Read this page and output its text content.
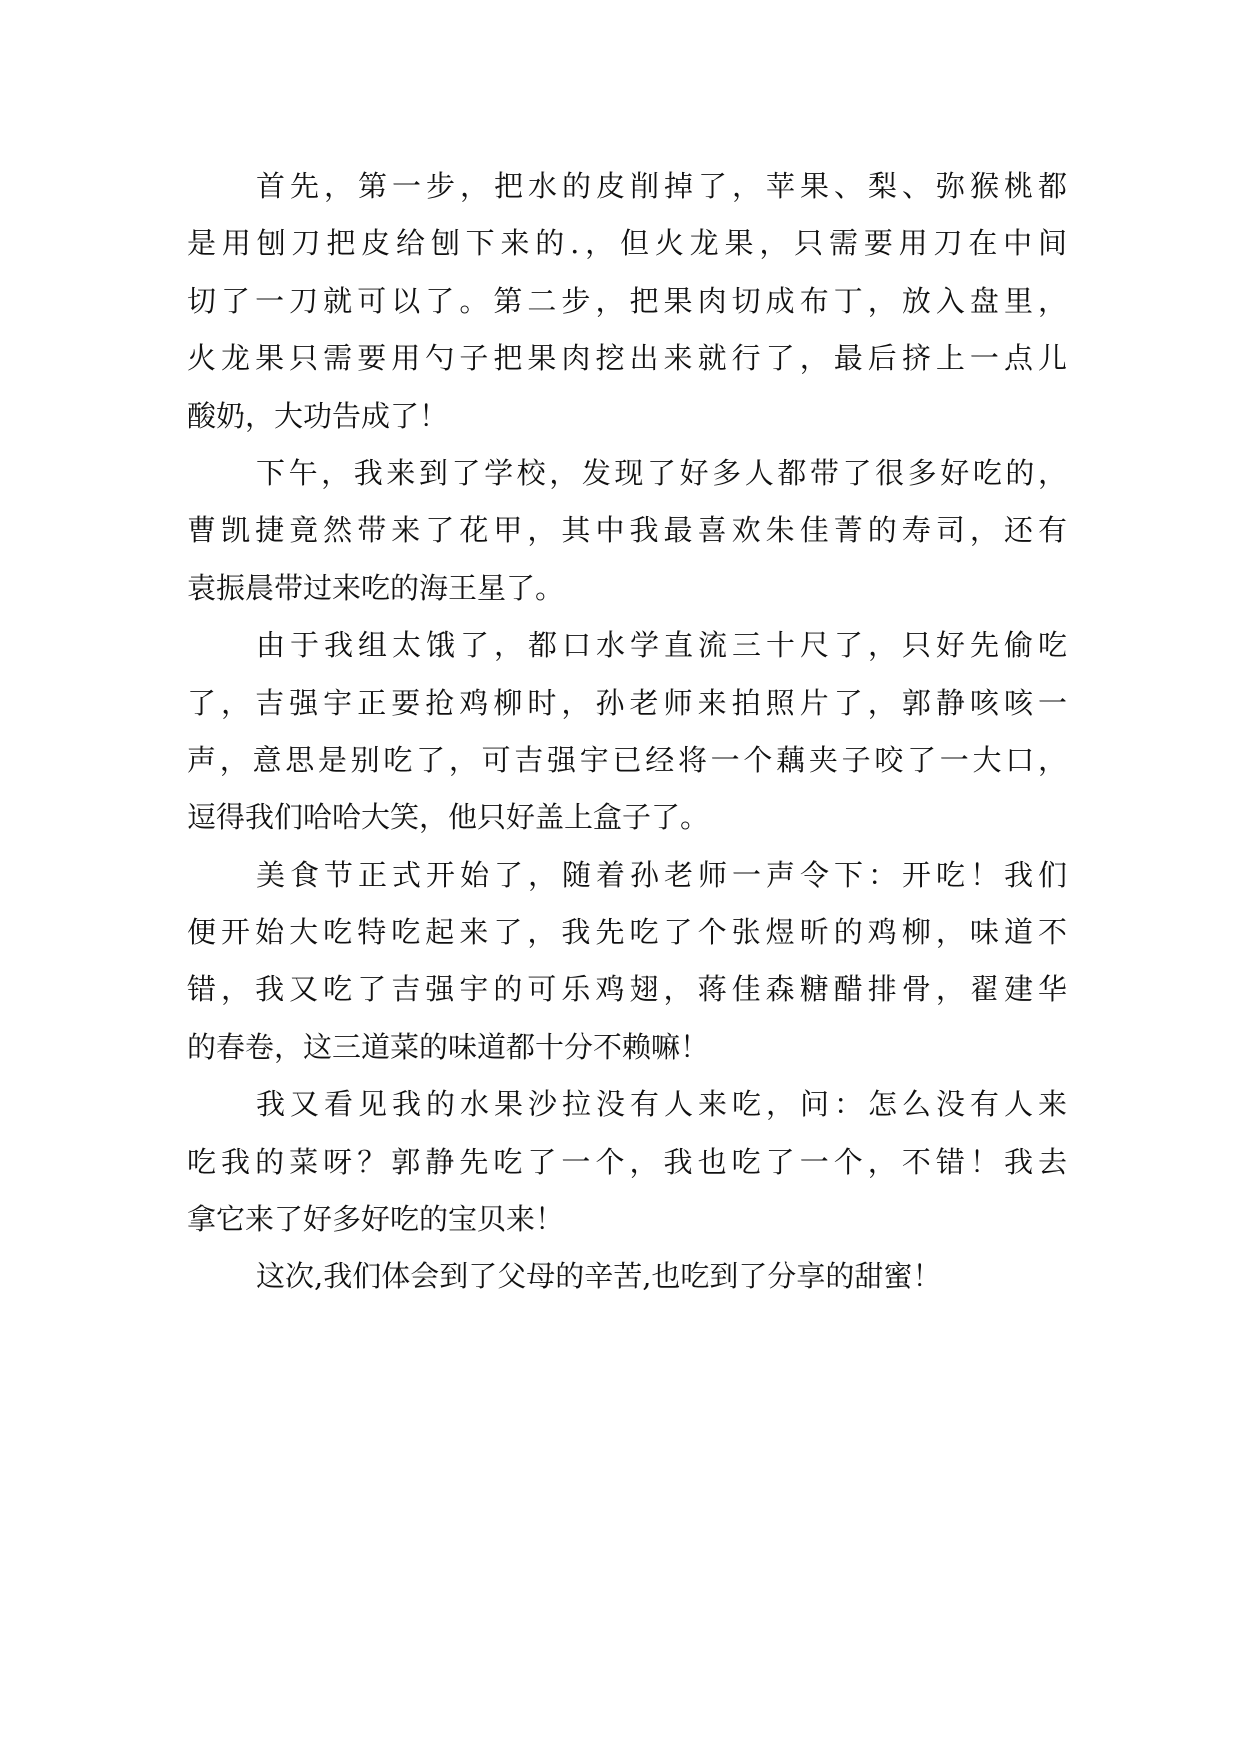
首先，第一步，把水的皮削掉了，苹果、梨、弥猴桃都
是用刨刀把皮给刨下来的.，但火龙果，只需要用刀在中间
切了一刀就可以了。第二步，把果肉切成布丁，放入盘里，
火龙果只需要用勺子把果肉挖出来就行了，最后挤上一点儿
酸奶，大功告成了！
下午，我来到了学校，发现了好多人都带了很多好吃的，
曹凯捷竟然带来了花甲，其中我最喜欢朱佳菁的寿司，还有
袁振晨带过来吃的海王星了。
由于我组太饿了，都口水学直流三十尺了，只好先偷吃
了，吉强宇正要抢鸡柳时，孙老师来拍照片了，郭静咳咳一
声，意思是别吃了，可吉强宇已经将一个藕夹子咬了一大口，
逗得我们哈哈大笑，他只好盖上盒子了。
美食节正式开始了，随着孙老师一声令下：开吃！我们
便开始大吃特吃起来了，我先吃了个张煜昕的鸡柳，味道不
错，我又吃了吉强宇的可乐鸡翅，蒋佳森糖醋排骨，翟建华
的春卷，这三道菜的味道都十分不赖嘛！
我又看见我的水果沙拉没有人来吃，问：怎么没有人来
吃我的菜呀？郭静先吃了一个，我也吃了一个，不错！我去
拿它来了好多好吃的宝贝来！
这次,我们体会到了父母的辛苦,也吃到了分享的甜蜜！
